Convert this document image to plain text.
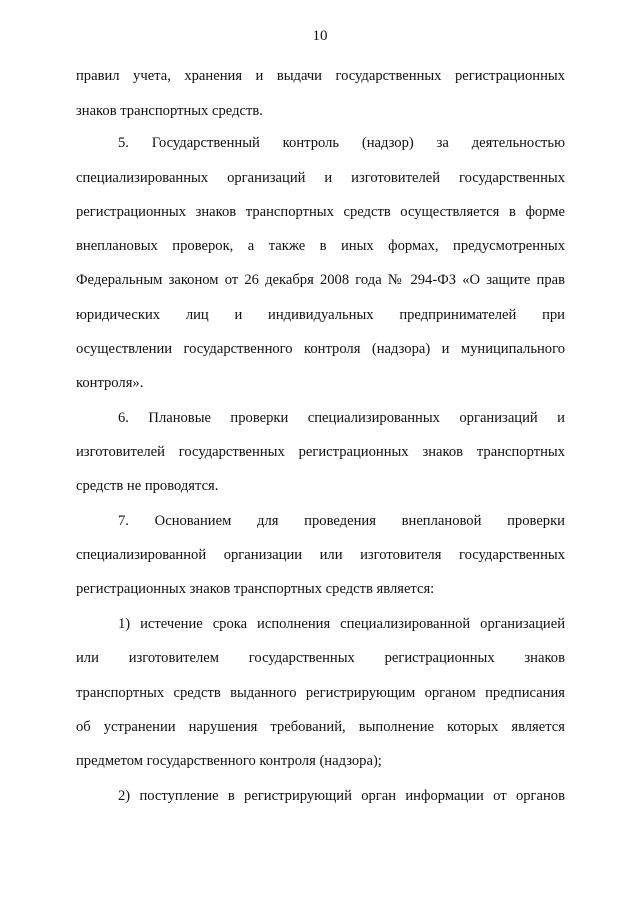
10
правил учета, хранения и выдачи государственных регистрационных
знаков транспортных средств.
5. Государственный контроль (надзор) за деятельностью
специализированных организаций и изготовителей государственных
регистрационных знаков транспортных средств осуществляется в форме
внеплановых проверок, а также в иных формах, предусмотренных
Федеральным законом от 26 декабря 2008 года № 294-ФЗ «О защите прав
юридических лиц и индивидуальных предпринимателей при
осуществлении государственного контроля (надзора) и муниципального
контроля».
6. Плановые проверки специализированных организаций и
изготовителей государственных регистрационных знаков транспортных
средств не проводятся.
7. Основанием для проведения внеплановой проверки
специализированной организации или изготовителя государственных
регистрационных знаков транспортных средств является:
1) истечение срока исполнения специализированной организацией
или изготовителем государственных регистрационных знаков
транспортных средств выданного регистрирующим органом предписания
об устранении нарушения требований, выполнение которых является
предметом государственного контроля (надзора);
2) поступление в регистрирующий орган информации от органов
